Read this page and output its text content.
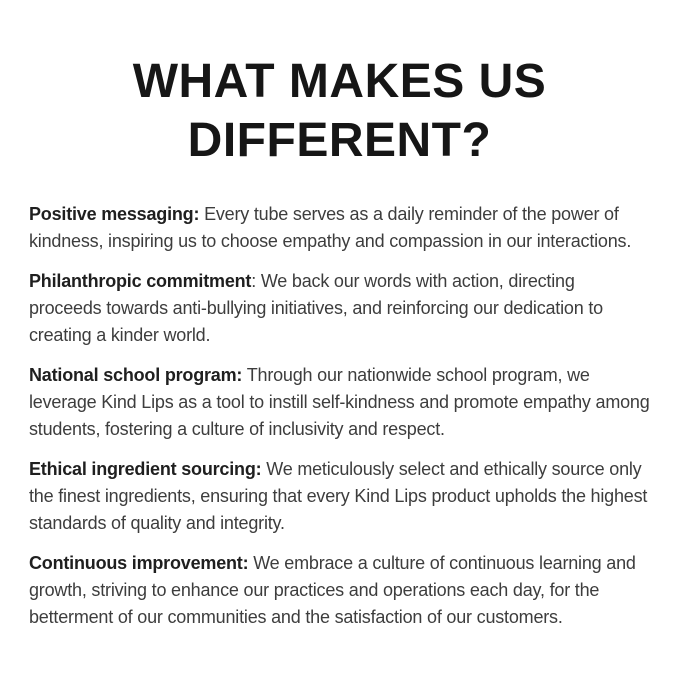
WHAT MAKES US
DIFFERENT?

Positive messaging: Every tube serves as a daily reminder of the power of kindness, inspiring us to choose empathy and compassion in our interactions.

Philanthropic commitment: We back our words with action, directing proceeds towards anti-bullying initiatives, and reinforcing our dedication to creating a kinder world.

National school program: Through our nationwide school program, we leverage Kind Lips as a tool to instill self-kindness and promote empathy among students, fostering a culture of inclusivity and respect.

Ethical ingredient sourcing: We meticulously select and ethically source only the finest ingredients, ensuring that every Kind Lips product upholds the highest standards of quality and integrity.

Continuous improvement: We embrace a culture of continuous learning and growth, striving to enhance our practices and operations each day, for the betterment of our communities and the satisfaction of our customers.
